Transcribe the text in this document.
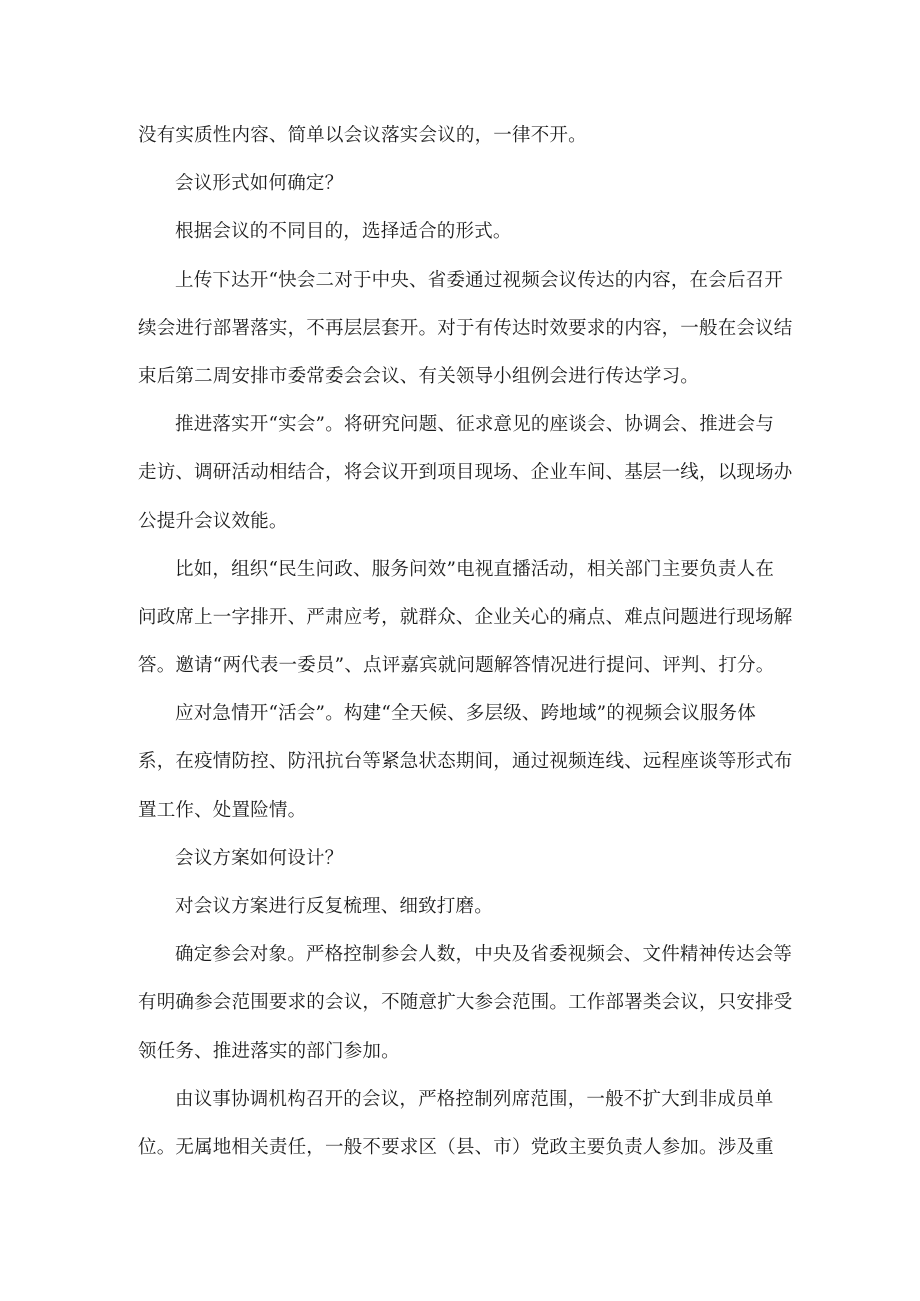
没有实质性内容、简单以会议落实会议的，一律不开。
会议形式如何确定？
根据会议的不同目的，选择适合的形式。
上传下达开“快会二对于中央、省委通过视频会议传达的内容，在会后召开
续会进行部署落实，不再层层套开。对于有传达时效要求的内容，一般在会议结
束后第二周安排市委常委会会议、有关领导小组例会进行传达学习。
推进落实开“实会”。将研究问题、征求意见的座谈会、协调会、推进会与
走访、调研活动相结合，将会议开到项目现场、企业车间、基层一线，以现场办
公提升会议效能。
比如，组织“民生问政、服务问效”电视直播活动，相关部门主要负责人在
问政席上一字排开、严肃应考，就群众、企业关心的痛点、难点问题进行现场解
答。邀请“两代表一委员”、点评嘉宾就问题解答情况进行提问、评判、打分。
应对急情开“活会”。构建“全天候、多层级、跨地域”的视频会议服务体
系，在疫情防控、防汛抗台等紧急状态期间，通过视频连线、远程座谈等形式布
置工作、处置险情。
会议方案如何设计？
对会议方案进行反复梳理、细致打磨。
确定参会对象。严格控制参会人数，中央及省委视频会、文件精神传达会等
有明确参会范围要求的会议，不随意扩大参会范围。工作部署类会议，只安排受
领任务、推进落实的部门参加。
由议事协调机构召开的会议，严格控制列席范围，一般不扩大到非成员单
位。无属地相关责任，一般不要求区（县、市）党政主要负责人参加。涉及重
